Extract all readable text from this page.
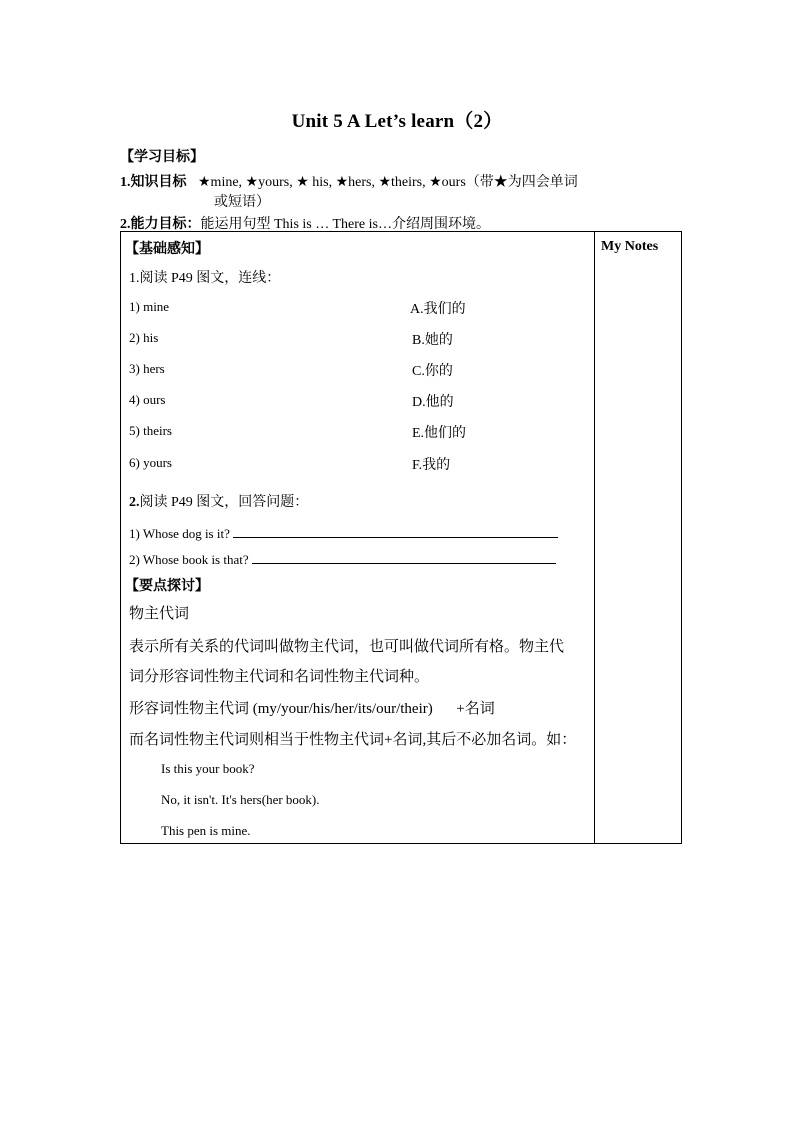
Unit 5 A Let’s learn（2）
【学习目标】
1.知识目标 ★mine, ★yours, ★ his, ★hers, ★theirs, ★ours（带★为四会单词
或短语）
2.能力目标：能运用句型 This is … There is…介绍周围环境。
My Notes
【基础感知】
1.阅读 P49 图文，连线：
1) mine
2) his
3) hers
4) ours
5) theirs
6) yours
A.我们的
B.她的
C.你的
D.他的
E.他们的
F.我的
2.阅读 P49 图文，回答问题：
1) Whose dog is it?
2) Whose book is that?
【要点探讨】
物主代词
表示所有关系的代词叫做物主代词，也可叫做代词所有格。物主代
词分形容词性物主代词和名词性物主代词种。
形容词性物主代词 (my/your/his/her/its/our/their) +名词
而名词性物主代词则相当于性物主代词+名词,其后不必加名词。如：
Is this your book?
No, it isn't. It's hers(her book).
This pen is mine.
